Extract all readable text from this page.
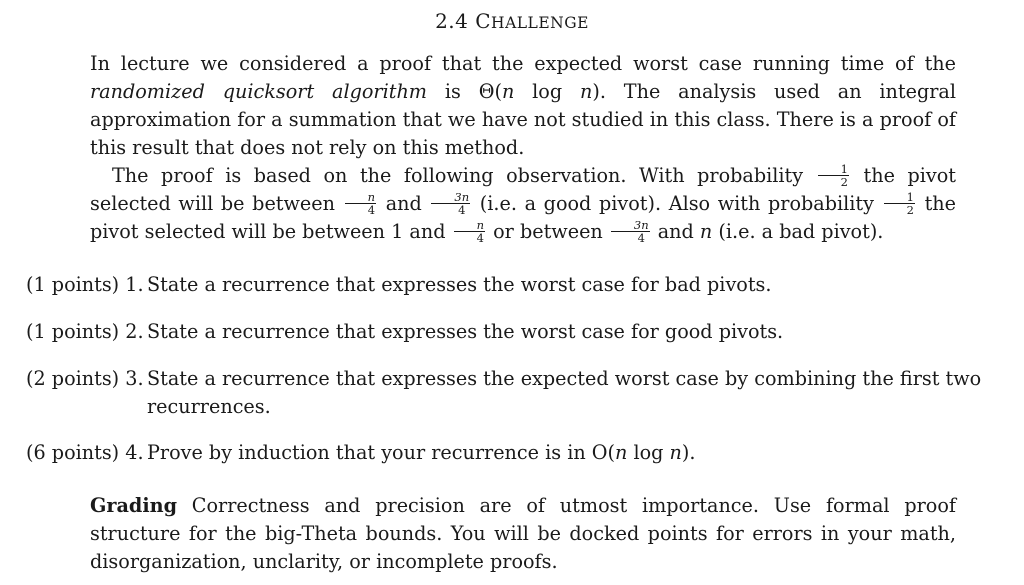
2.4 CHALLENGE
In lecture we considered a proof that the expected worst case running time of the randomized quicksort algorithm is Θ(n log n). The analysis used an integral approximation for a summation that we have not studied in this class. There is a proof of this result that does not rely on this method.
The proof is based on the following observation. With probability $\frac{1}{2}$ the pivot selected will be between $\frac{n}{4}$ and $\frac{3n}{4} (i.e$. a good pivot). Also with probability $\frac{1}{2}$ the pivot selected will be between 1 and $\frac{n}{4}$ or between $\frac{3n}{4}$ and n (i.e. a bad pivot).
(1 points) 1. State a recurrence that expresses the worst case for bad pivots.
(1 points) 2. State a recurrence that expresses the worst case for good pivots.
(2 points) 3. State a recurrence that expresses the expected worst case by combining the first two recurrences.
(6 points) 4. Prove by induction that your recurrence is in O(n log n).
Grading Correctness and precision are of utmost importance. Use formal proof structure for the big-Theta bounds. You will be docked points for errors in your math, disorganization, unclarity, or incomplete proofs.
